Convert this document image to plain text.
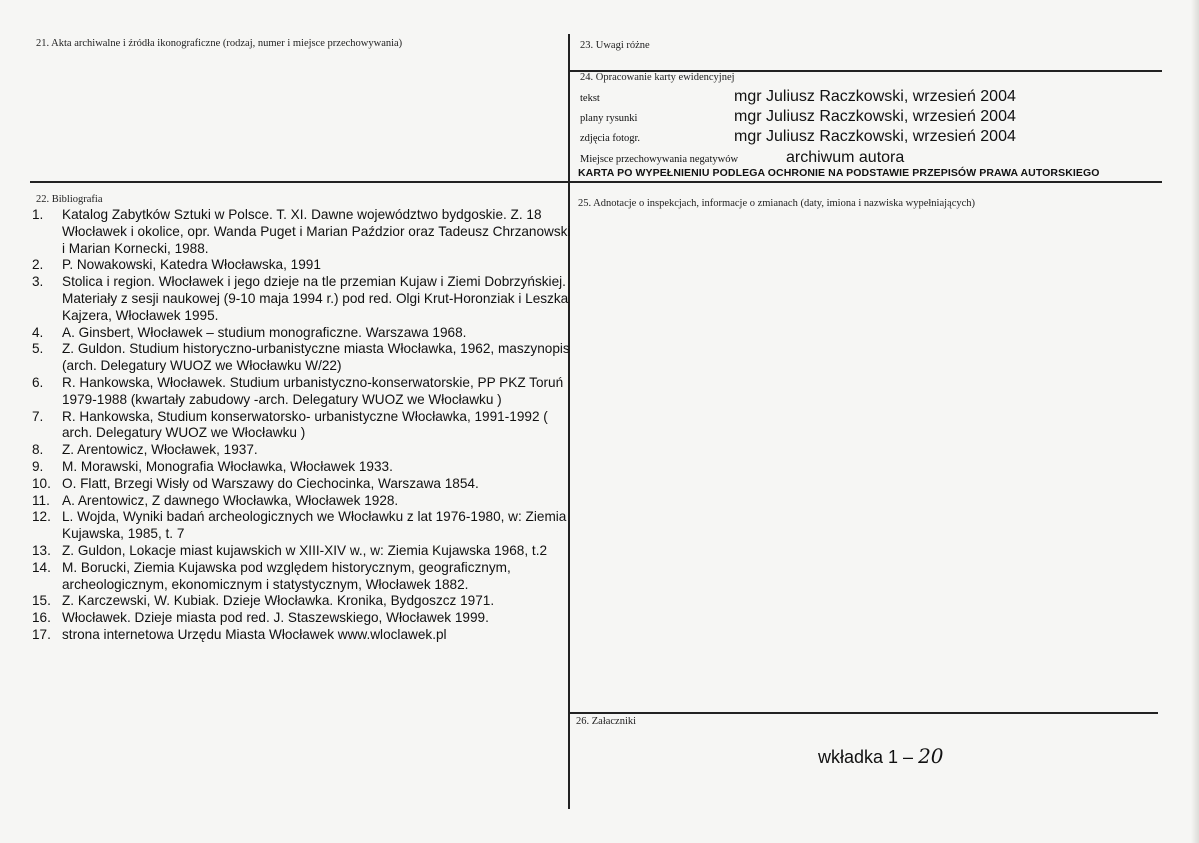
21. Akta archiwalne i źródła ikonograficzne (rodzaj, numer i miejsce przechowywania)	23. Uwagi różne
24. Opracowanie karty ewidencyjnej
tekst	mgr Juliusz Raczkowski, wrzesień 2004
plany rysunki	mgr Juliusz Raczkowski, wrzesień 2004
zdjęcia fotogr.	mgr Juliusz Raczkowski, wrzesień 2004
Miejsce przechowywania negatywów	archiwum autora
KARTA PO WYPEŁNIENIU PODLEGA OCHRONIE NA PODSTAWIE PRZEPISÓW PRAWA AUTORSKIEGO
22. Bibliografia
1.	Katalog Zabytków Sztuki w Polsce. T. XI. Dawne województwo bydgoskie. Z. 18 Włocławek i okolice, opr. Wanda Puget i Marian Paździor oraz Tadeusz Chrzanowski i Marian Kornecki, 1988.
2.	P. Nowakowski, Katedra Włocławska, 1991
3.	Stolica i region. Włocławek i jego dzieje na tle przemian Kujaw i Ziemi Dobrzyńskiej. Materiały z sesji naukowej (9-10 maja 1994 r.) pod red. Olgi Krut-Horonziak i Leszka Kajzera, Włocławek 1995.
4.	A. Ginsbert, Włocławek – studium monograficzne. Warszawa 1968.
5.	Z. Guldon. Studium historyczno-urbanistyczne miasta Włocławka, 1962, maszynopis (arch. Delegatury WUOZ we Włocławku W/22)
6.	R. Hankowska, Włocławek. Studium urbanistyczno-konserwatorskie, PP PKZ Toruń 1979-1988 (kwartały zabudowy -arch. Delegatury WUOZ we Włocławku )
7.	R. Hankowska, Studium konserwatorsko- urbanistyczne Włocławka, 1991-1992 ( arch. Delegatury WUOZ we Włocławku )
8.	Z. Arentowicz, Włocławek, 1937.
9.	M. Morawski, Monografia Włocławka, Włocławek 1933.
10. O. Flatt, Brzegi Wisły od Warszawy do Ciechocinka, Warszawa 1854.
11. A. Arentowicz, Z dawnego Włocławka, Włocławek 1928.
12. L. Wojda, Wyniki badań archeologicznych we Włocławku z lat 1976-1980, w: Ziemia Kujawska, 1985, t. 7
13. Z. Guldon, Lokacje miast kujawskich w XIII-XIV w., w: Ziemia Kujawska 1968, t.2
14. M. Borucki, Ziemia Kujawska pod względem historycznym, geograficznym, archeologicznym, ekonomicznym i statystycznym, Włocławek 1882.
15. Z. Karczewski, W. Kubiak. Dzieje Włocławka. Kronika, Bydgoszcz 1971.
16. Włocławek. Dzieje miasta pod red. J. Staszewskiego, Włocławek 1999.
17. strona internetowa Urzędu Miasta Włocławek www.wloclawek.pl
25. Adnotacje o inspekcjach, informacje o zmianach (daty, imiona i nazwiska wypełniających)
26. Załaczniki
wkładka 1 – 20
